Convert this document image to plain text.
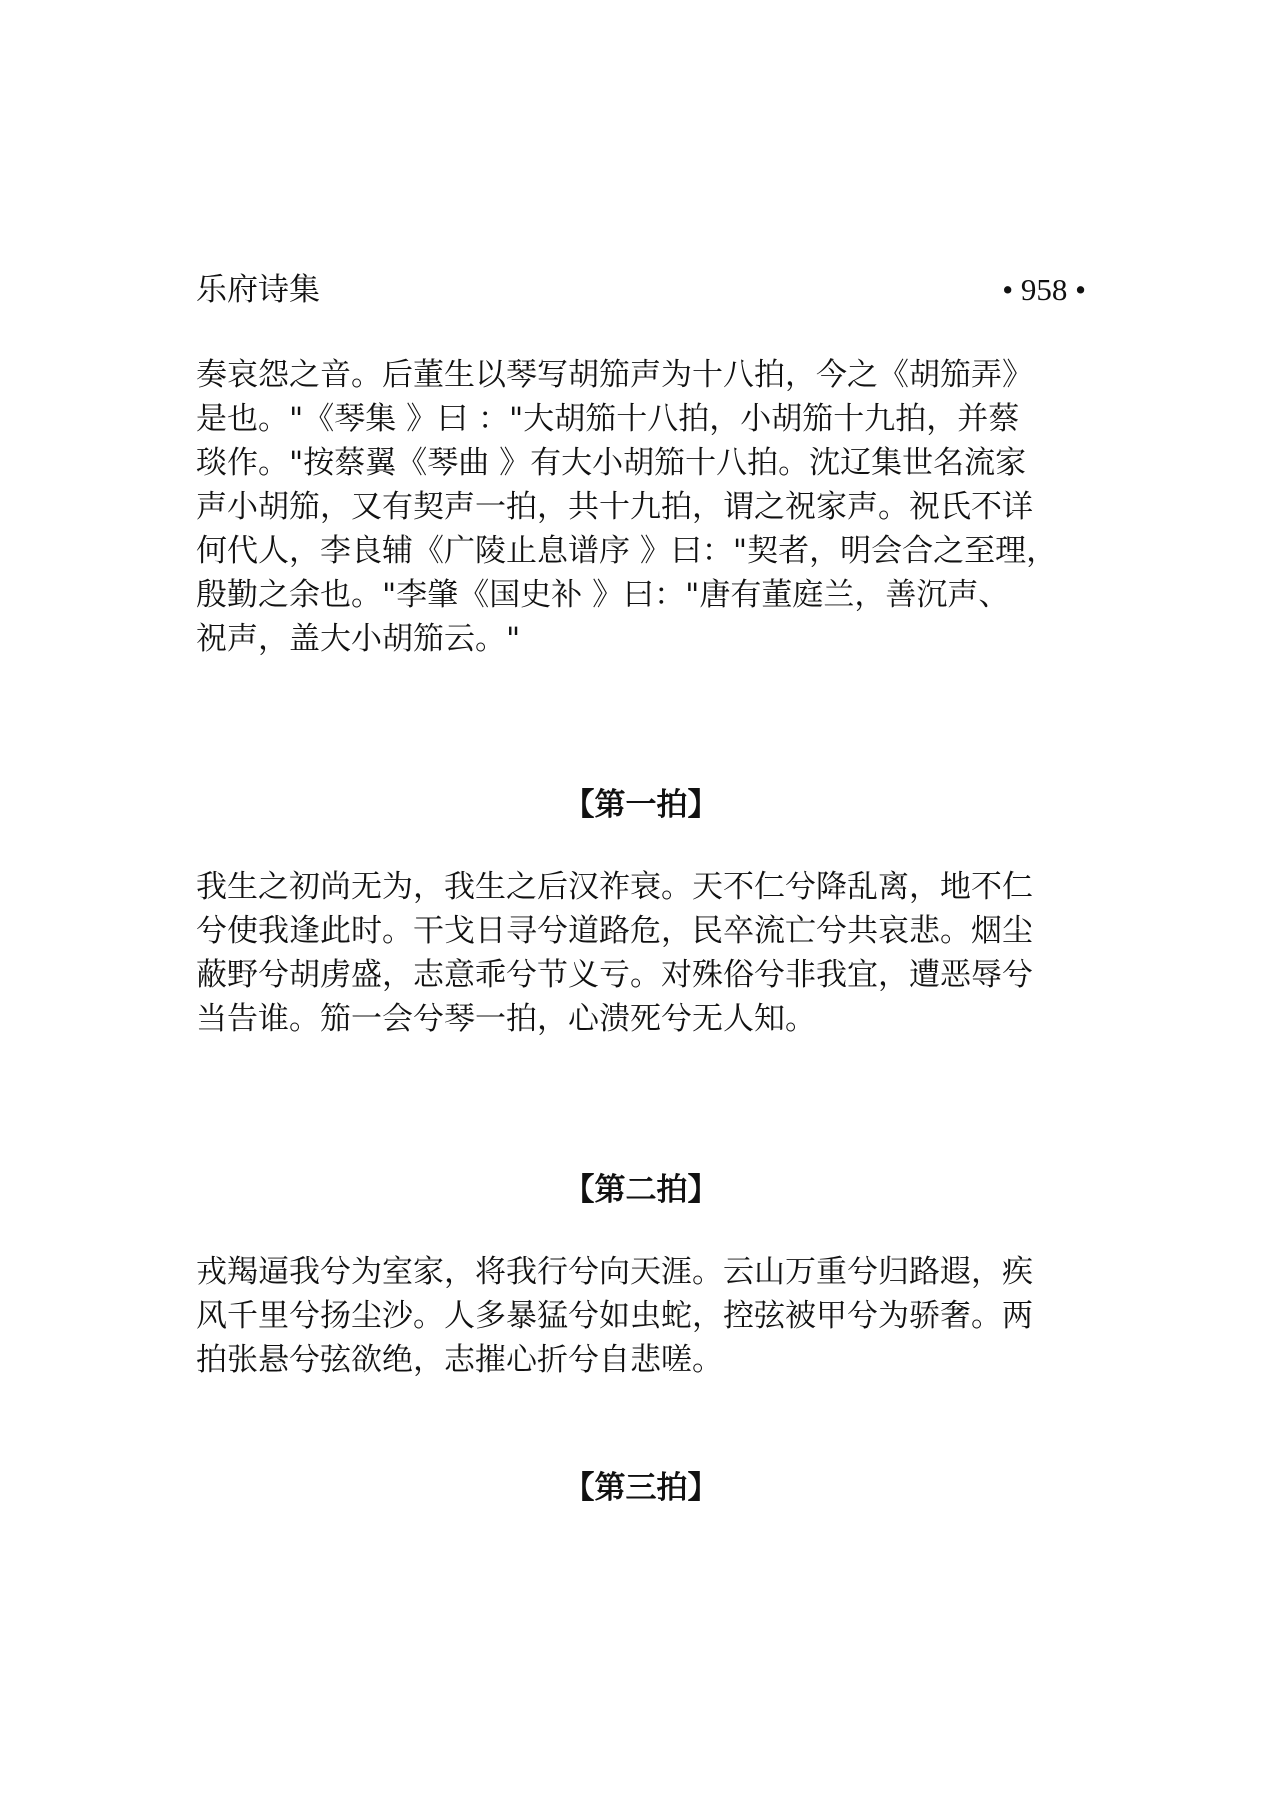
乐府诗集	• 958 •

奏哀怨之音。后董生以琴写胡笳声为十八拍，今之《胡笳弄》
是也。"《琴集 》曰 ："大胡笳十八拍，小胡笳十九拍，并蔡
琰作。"按蔡翼《琴曲 》有大小胡笳十八拍。沈辽集世名流家
声小胡笳，又有契声一拍，共十九拍，谓之祝家声。祝氏不详
何代人，李良辅《广陵止息谱序 》曰："契者，明会合之至理，
殷勤之余也。"李肇《国史补 》曰："唐有董庭兰，善沉声、
祝声，盖大小胡笳云。"

【第一拍】

我生之初尚无为，我生之后汉祚衰。天不仁兮降乱离，地不仁
兮使我逢此时。干戈日寻兮道路危，民卒流亡兮共哀悲。烟尘
蔽野兮胡虏盛，志意乖兮节义亏。对殊俗兮非我宜，遭恶辱兮
当告谁。笳一会兮琴一拍，心溃死兮无人知。

【第二拍】

戎羯逼我兮为室家，将我行兮向天涯。云山万重兮归路遐，疾
风千里兮扬尘沙。人多暴猛兮如虫蛇，控弦被甲兮为骄奢。两
拍张悬兮弦欲绝，志摧心折兮自悲嗟。

【第三拍】
